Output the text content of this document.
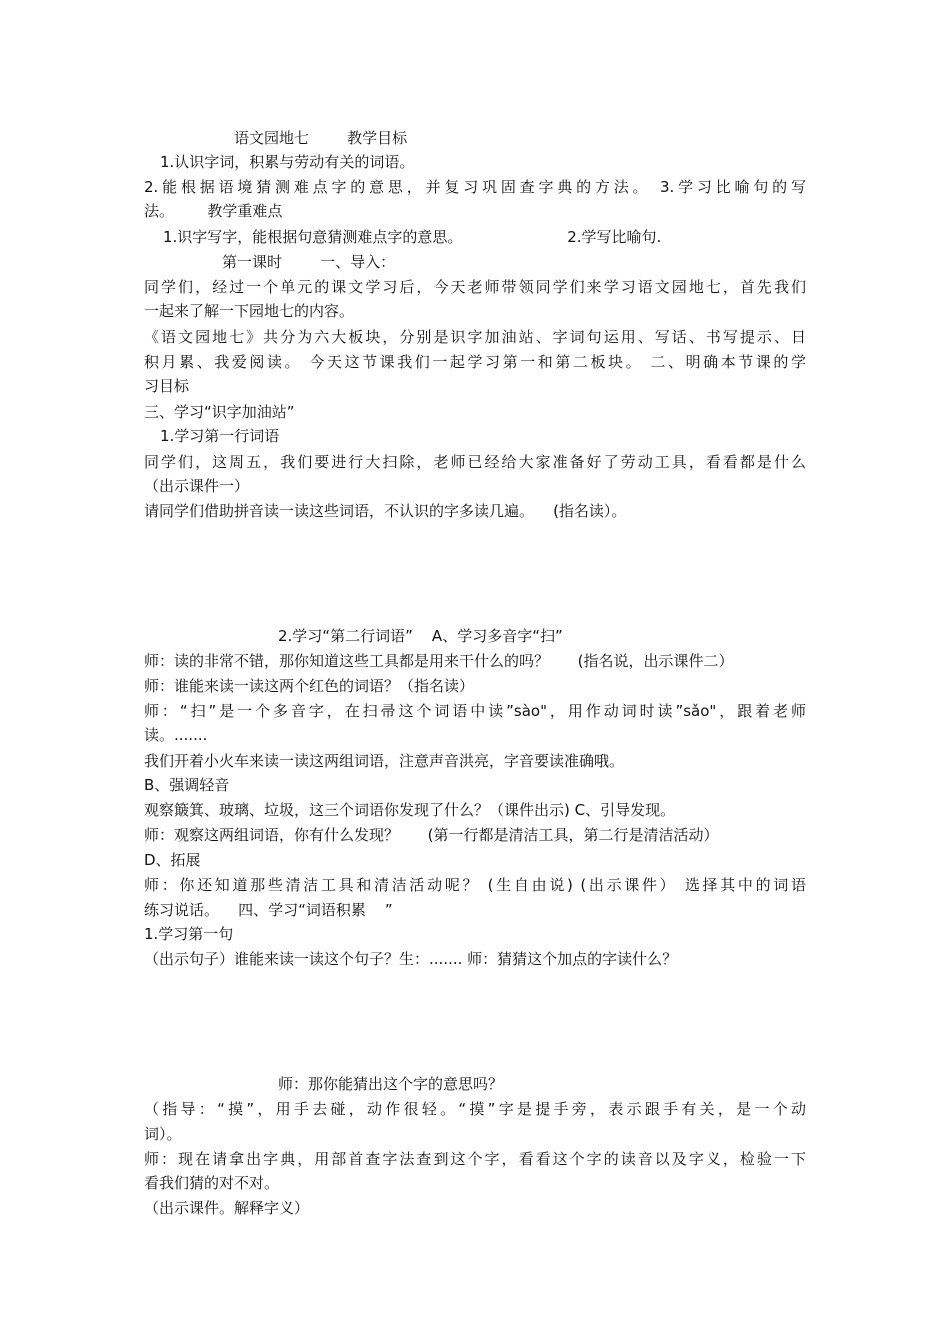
语文园地七        教学目标
1.认识字词，积累与劳动有关的词语。
2.能根据语境猜测难点字的意思，并复习巩固查字典的方法。 3.学习比喻句的写
法。       教学重难点
1.识字写字，能根据句意猜测难点字的意思。                      2.学写比喻句.
第一课时        一、导入：
同学们，经过一个单元的课文学习后，今天老师带领同学们来学习语文园地七，首先我们
一起来了解一下园地七的内容。
《语文园地七》共分为六大板块，分别是识字加油站、字词句运用、写话、书写提示、日
积月累、我爱阅读。 今天这节课我们一起学习第一和第二板块。 二、明确本节课的学
习目标
三、学习“识字加油站”
1.学习第一行词语
同学们，这周五，我们要进行大扫除，老师已经给大家准备好了劳动工具，看看都是什么
（出示课件一）
请同学们借助拼音读一读这些词语，不认识的字多读几遍。    (指名读）。
2.学习“第二行词语”    A、学习多音字“扫”
师：读的非常不错，那你知道这些工具都是用来干什么的吗？      (指名说，出示课件二）
师：谁能来读一读这两个红色的词语？（指名读）
师：“扫”是一个多音字，在扫帚这个词语中读”sào"，用作动词时读”sǎo"，跟着老师
读。.......
我们开着小火车来读一读这两组词语，注意声音洪亮，字音要读准确哦。
B、强调轻音
观察簸箕、玻璃、垃圾，这三个词语你发现了什么？（课件出示) C、引导发现。
师：观察这两组词语，你有什么发现？      (第一行都是清洁工具，第二行是清洁活动）
D、拓展
师：你还知道那些清洁工具和清洁活动呢？ (生自由说) (出示课件） 选择其中的词语
练习说话。    四、学习“词语积累    ”
1.学习第一句
（出示句子）谁能来读一读这个句子？生：....... 师：猜猜这个加点的字读什么？
师：那你能猜出这个字的意思吗？
（指导：“摸”，用手去碰，动作很轻。“摸”字是提手旁，表示跟手有关，是一个动
词）。
师：现在请拿出字典，用部首查字法查到这个字，看看这个字的读音以及字义，检验一下
看我们猜的对不对。
（出示课件。解释字义）
